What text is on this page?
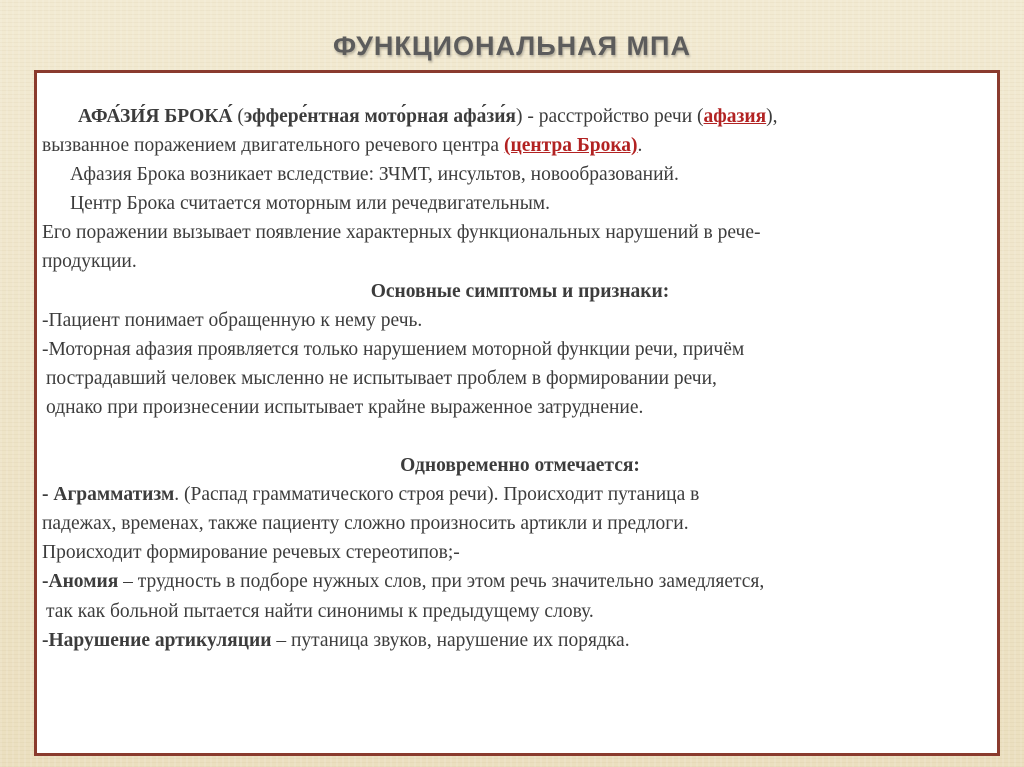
ФУНКЦИОНАЛЬНАЯ МПА

АФА́ЗИ́Я БРОКА́ (эффере́нтная мото́рная афа́зи́я) - расстройство речи (афазия),

вызванное поражением двигательного речевого центра (центра Брока).

Афазия Брока возникает вследствие: ЗЧМТ, инсультов, новообразований.

Центр Брока считается моторным или речедвигательным.

Его поражении вызывает появление характерных функциональных нарушений в рече-

продукции.

Основные симптомы и признаки:

-Пациент понимает обращенную к нему речь.

-Моторная афазия проявляется только нарушением моторной функции речи, причём

пострадавший человек мысленно не испытывает проблем в формировании речи,

однако при произнесении испытывает крайне выраженное затруднение.

Одновременно отмечается:

- Аграмматизм. (Распад грамматического строя речи). Происходит путаница в

падежах, временах, также пациенту сложно произносить артикли и предлоги.

Происходит формирование речевых стереотипов;-

-Аномия – трудность в подборе нужных слов, при этом речь значительно замедляется,

так как больной пытается найти синонимы к предыдущему слову.

-Нарушение артикуляции – путаница звуков, нарушение их порядка.
